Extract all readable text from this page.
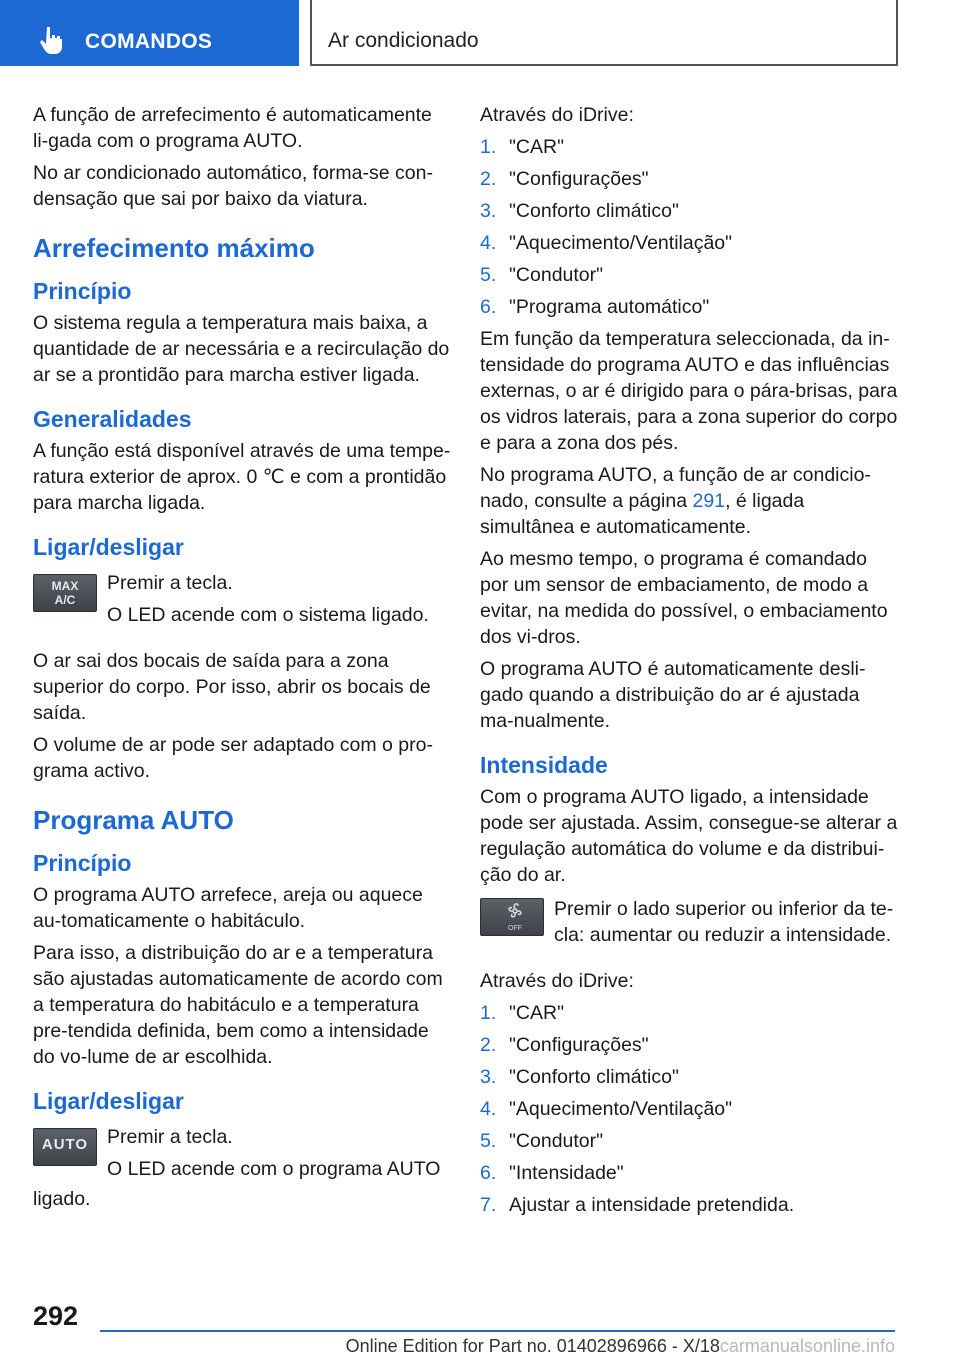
COMANDOS	Ar condicionado

A função de arrefecimento é automaticamente li-gada com o programa AUTO.

No ar condicionado automático, forma-se con-densação que sai por baixo da viatura.

Arrefecimento máximo
Princípio

O sistema regula a temperatura mais baixa, a quantidade de ar necessária e a recirculação do ar se a prontidão para marcha estiver ligada.

Generalidades

A função está disponível através de uma tempe-ratura exterior de aprox. 0 ℃ e com a prontidão para marcha ligada.

Ligar/desligar
MAX
A/C

Premir a tecla.

O LED acende com o sistema ligado.

O ar sai dos bocais de saída para a zona superior do corpo. Por isso, abrir os bocais de saída.

O volume de ar pode ser adaptado com o pro-grama activo.

Programa AUTO
Princípio

O programa AUTO arrefece, areja ou aquece au-tomaticamente o habitáculo.

Para isso, a distribuição do ar e a temperatura são ajustadas automaticamente de acordo com a temperatura do habitáculo e a temperatura pre-tendida definida, bem como a intensidade do vo-lume de ar escolhida.

Ligar/desligar
AUTO Premir a tecla.

O LED acende com o programa AUTO

ligado.

Através do iDrive:

1. "CAR"
2. "Configurações"
3. "Conforto climático"
4. "Aquecimento/Ventilação"
5. "Condutor"
6. "Programa automático"

Em função da temperatura seleccionada, da in-tensidade do programa AUTO e das influências externas, o ar é dirigido para o pára-brisas, para os vidros laterais, para a zona superior do corpo e para a zona dos pés.

No programa AUTO, a função de ar condicio-nado, consulte a página 291, é ligada simultânea e automaticamente.

Ao mesmo tempo, o programa é comandado por um sensor de embaciamento, de modo a evitar, na medida do possível, o embaciamento dos vi-dros.

O programa AUTO é automaticamente desli-gado quando a distribuição do ar é ajustada ma-nualmente.

Intensidade

Com o programa AUTO ligado, a intensidade pode ser ajustada. Assim, consegue-se alterar a regulação automática do volume e da distribui-ção do ar.

OFF

Premir o lado superior ou inferior da te-cla: aumentar ou reduzir a intensidade.

Através do iDrive:

1. "CAR"
2. "Configurações"
3. "Conforto climático"
4. "Aquecimento/Ventilação"
5. "Condutor"
6. "Intensidade"
7. Ajustar a intensidade pretendida.
292
Online Edition for Part no. 01402896966 - X/18carmanualsonline.info
